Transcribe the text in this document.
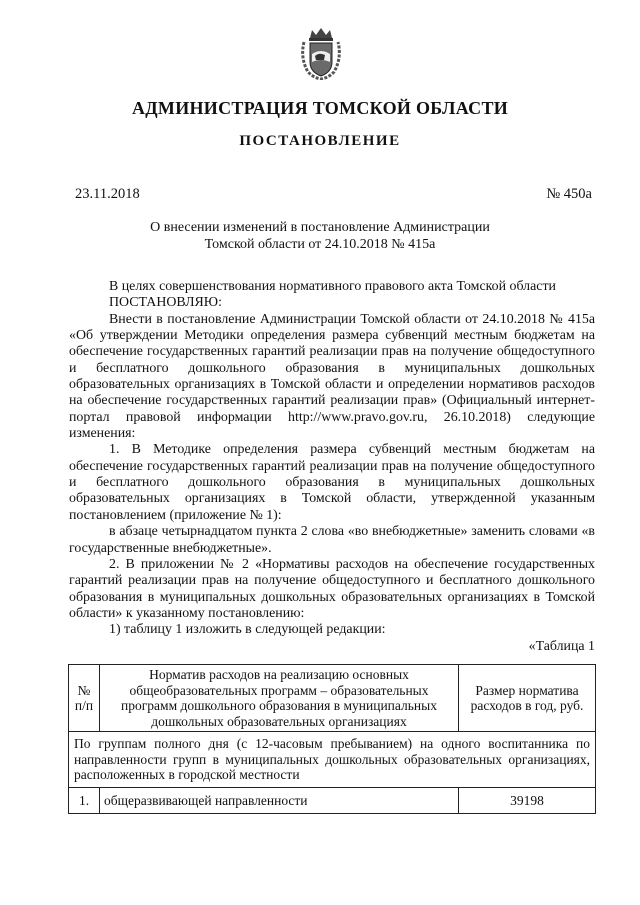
АДМИНИСТРАЦИЯ ТОМСКОЙ ОБЛАСТИ
ПОСТАНОВЛЕНИЕ
23.11.2018	№ 450а
О внесении изменений в постановление Администрации
Томской области от 24.10.2018 № 415а

В целях совершенствования нормативного правового акта Томской области

ПОСТАНОВЛЯЮ:

Внести в постановление Администрации Томской области от 24.10.2018 № 415а «Об утверждении Методики определения размера субвенций местным бюджетам на обеспечение государственных гарантий реализации прав на получение общедоступного и бесплатного дошкольного образования в муниципальных дошкольных образовательных организациях в Томской области и определении нормативов расходов на обеспечение государственных гарантий реализации прав» (Официальный интернет-портал правовой информации http://www.pravo.gov.ru, 26.10.2018) следующие изменения:

1. В Методике определения размера субвенций местным бюджетам на обеспечение государственных гарантий реализации прав на получение общедоступного и бесплатного дошкольного образования в муниципальных дошкольных образовательных организациях в Томской области, утвержденной указанным постановлением (приложение № 1):

в абзаце четырнадцатом пункта 2 слова «во внебюджетные» заменить словами «в государственные внебюджетные».

2. В приложении № 2 «Нормативы расходов на обеспечение государственных гарантий реализации прав на получение общедоступного и бесплатного дошкольного образования в муниципальных дошкольных образовательных организациях в Томской области» к указанному постановлению:

1) таблицу 1 изложить в следующей редакции:

«Таблица 1

№ п/п	Норматив расходов на реализацию основных общеобразовательных программ – образовательных программ дошкольного образования в муниципальных дошкольных образовательных организациях	Размер норматива расходов в год, руб.
По группам полного дня (с 12-часовым пребыванием) на одного воспитанника по направленности групп в муниципальных дошкольных образовательных организациях, расположенных в городской местности		
1.	общеразвивающей направленности	39198
